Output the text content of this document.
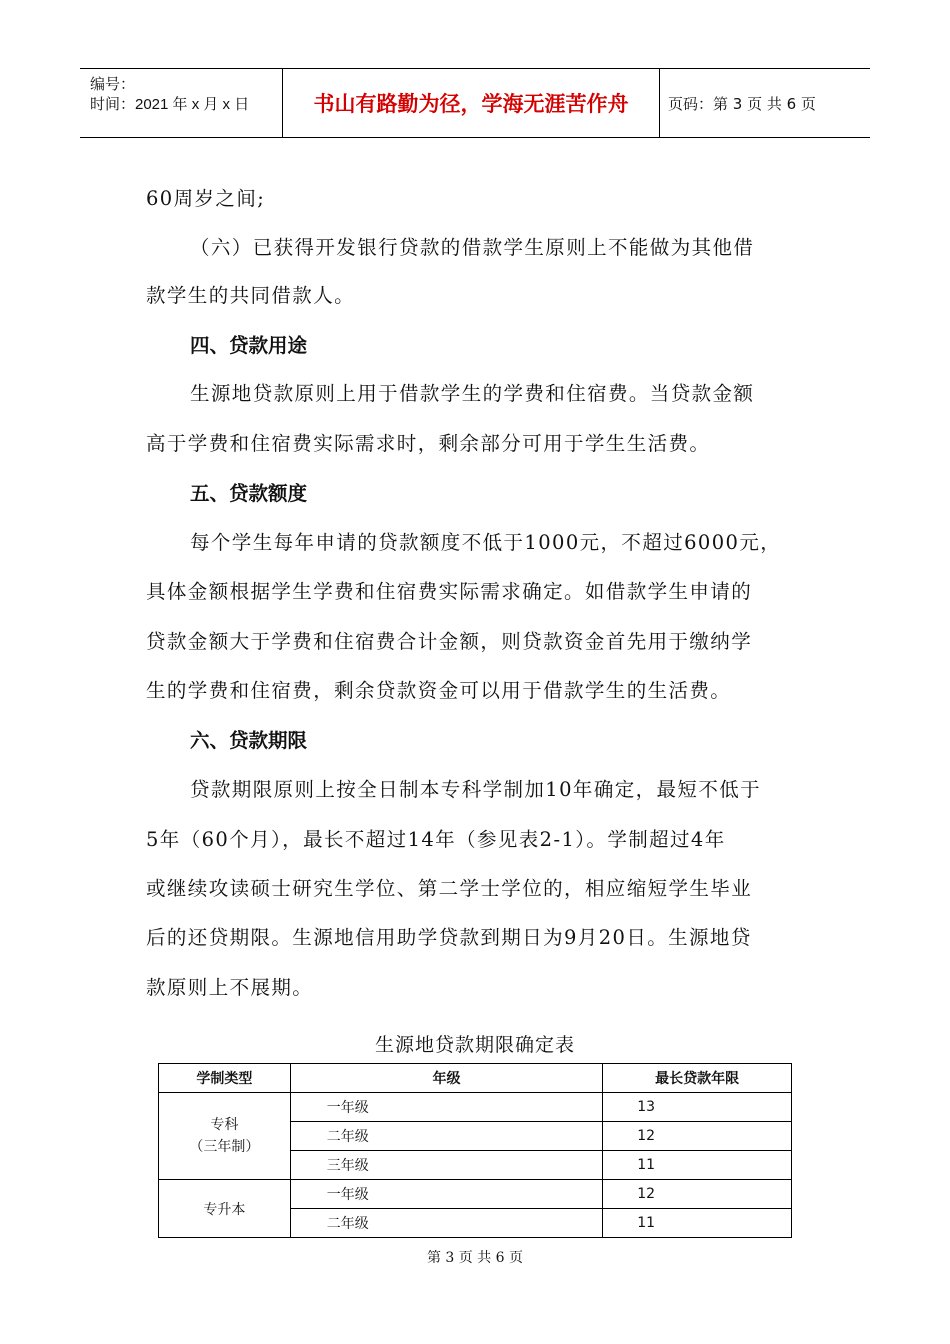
编号：
时间：2021 年 x 月 x 日	书山有路勤为径，学海无涯苦作舟	页码：第 3 页 共 6 页
60周岁之间;
（六）已获得开发银行贷款的借款学生原则上不能做为其他借
款学生的共同借款人。
四、贷款用途
生源地贷款原则上用于借款学生的学费和住宿费。当贷款金额
高于学费和住宿费实际需求时，剩余部分可用于学生生活费。
五、贷款额度
每个学生每年申请的贷款额度不低于1000元，不超过6000元，
具体金额根据学生学费和住宿费实际需求确定。如借款学生申请的
贷款金额大于学费和住宿费合计金额，则贷款资金首先用于缴纳学
生的学费和住宿费，剩余贷款资金可以用于借款学生的生活费。
六、贷款期限
贷款期限原则上按全日制本专科学制加10年确定，最短不低于
5年（60个月），最长不超过14年（参见表2-1）。学制超过4年
或继续攻读硕士研究生学位、第二学士学位的，相应缩短学生毕业
后的还贷期限。生源地信用助学贷款到期日为9月20日。生源地贷
款原则上不展期。
生源地贷款期限确定表
学制类型	年级	最长贷款年限
专科
（三年制）	一年级	13
	二年级	12
	三年级	11
专升本	一年级	12
	二年级	11
第 3 页 共 6 页
